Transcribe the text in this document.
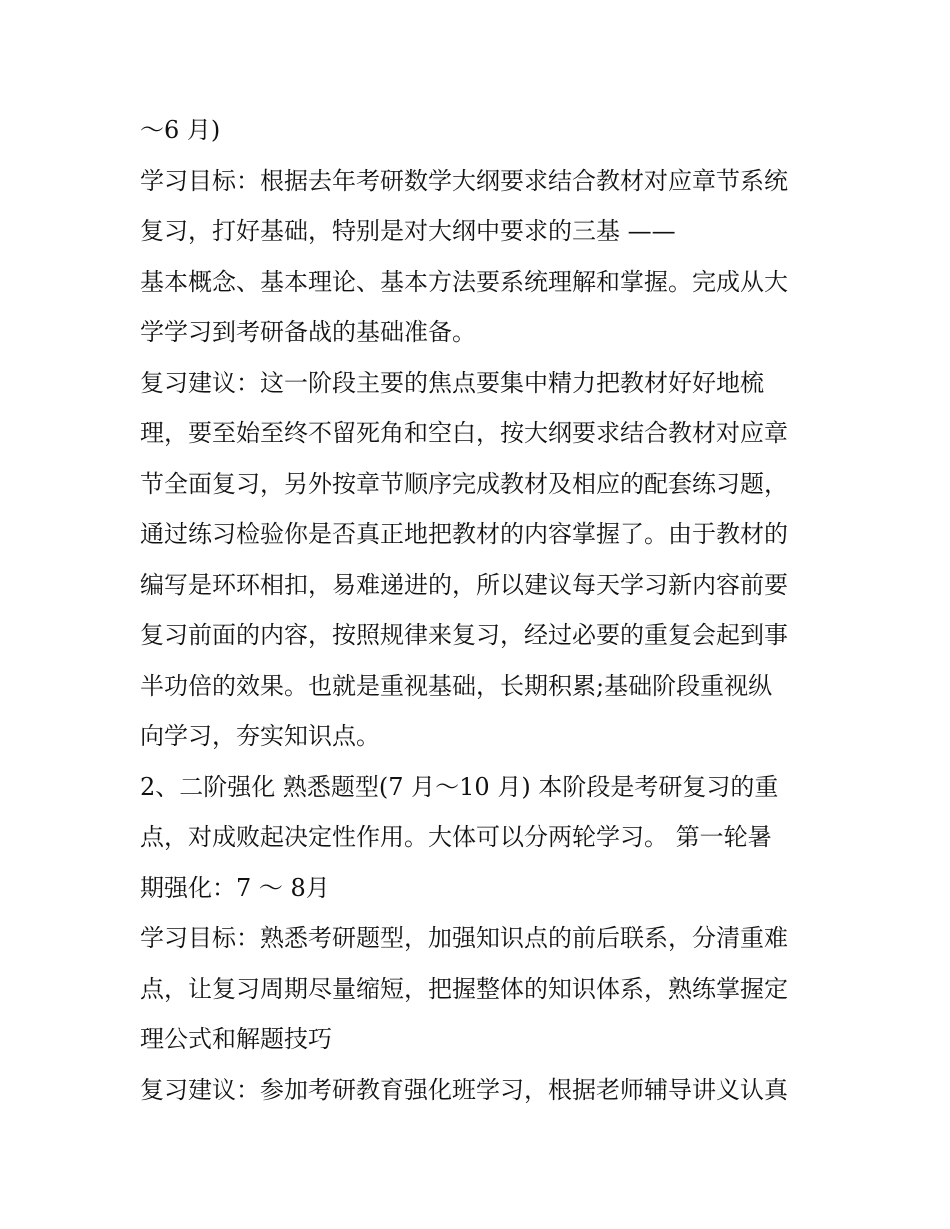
～6 月)
学习目标：根据去年考研数学大纲要求结合教材对应章节系统
复习，打好基础，特别是对大纲中要求的三基 ——
基本概念、基本理论、基本方法要系统理解和掌握。完成从大
学学习到考研备战的基础准备。
复习建议：这一阶段主要的焦点要集中精力把教材好好地梳
理，要至始至终不留死角和空白，按大纲要求结合教材对应章
节全面复习，另外按章节顺序完成教材及相应的配套练习题，
通过练习检验你是否真正地把教材的内容掌握了。由于教材的
编写是环环相扣，易难递进的，所以建议每天学习新内容前要
复习前面的内容，按照规律来复习，经过必要的重复会起到事
半功倍的效果。也就是重视基础，长期积累;基础阶段重视纵
向学习，夯实知识点。
2、二阶强化 熟悉题型(7 月～10 月) 本阶段是考研复习的重
点，对成败起决定性作用。大体可以分两轮学习。 第一轮暑
期强化：7 ～ 8月
学习目标：熟悉考研题型，加强知识点的前后联系，分清重难
点，让复习周期尽量缩短，把握整体的知识体系，熟练掌握定
理公式和解题技巧
复习建议：参加考研教育强化班学习，根据老师辅导讲义认真
